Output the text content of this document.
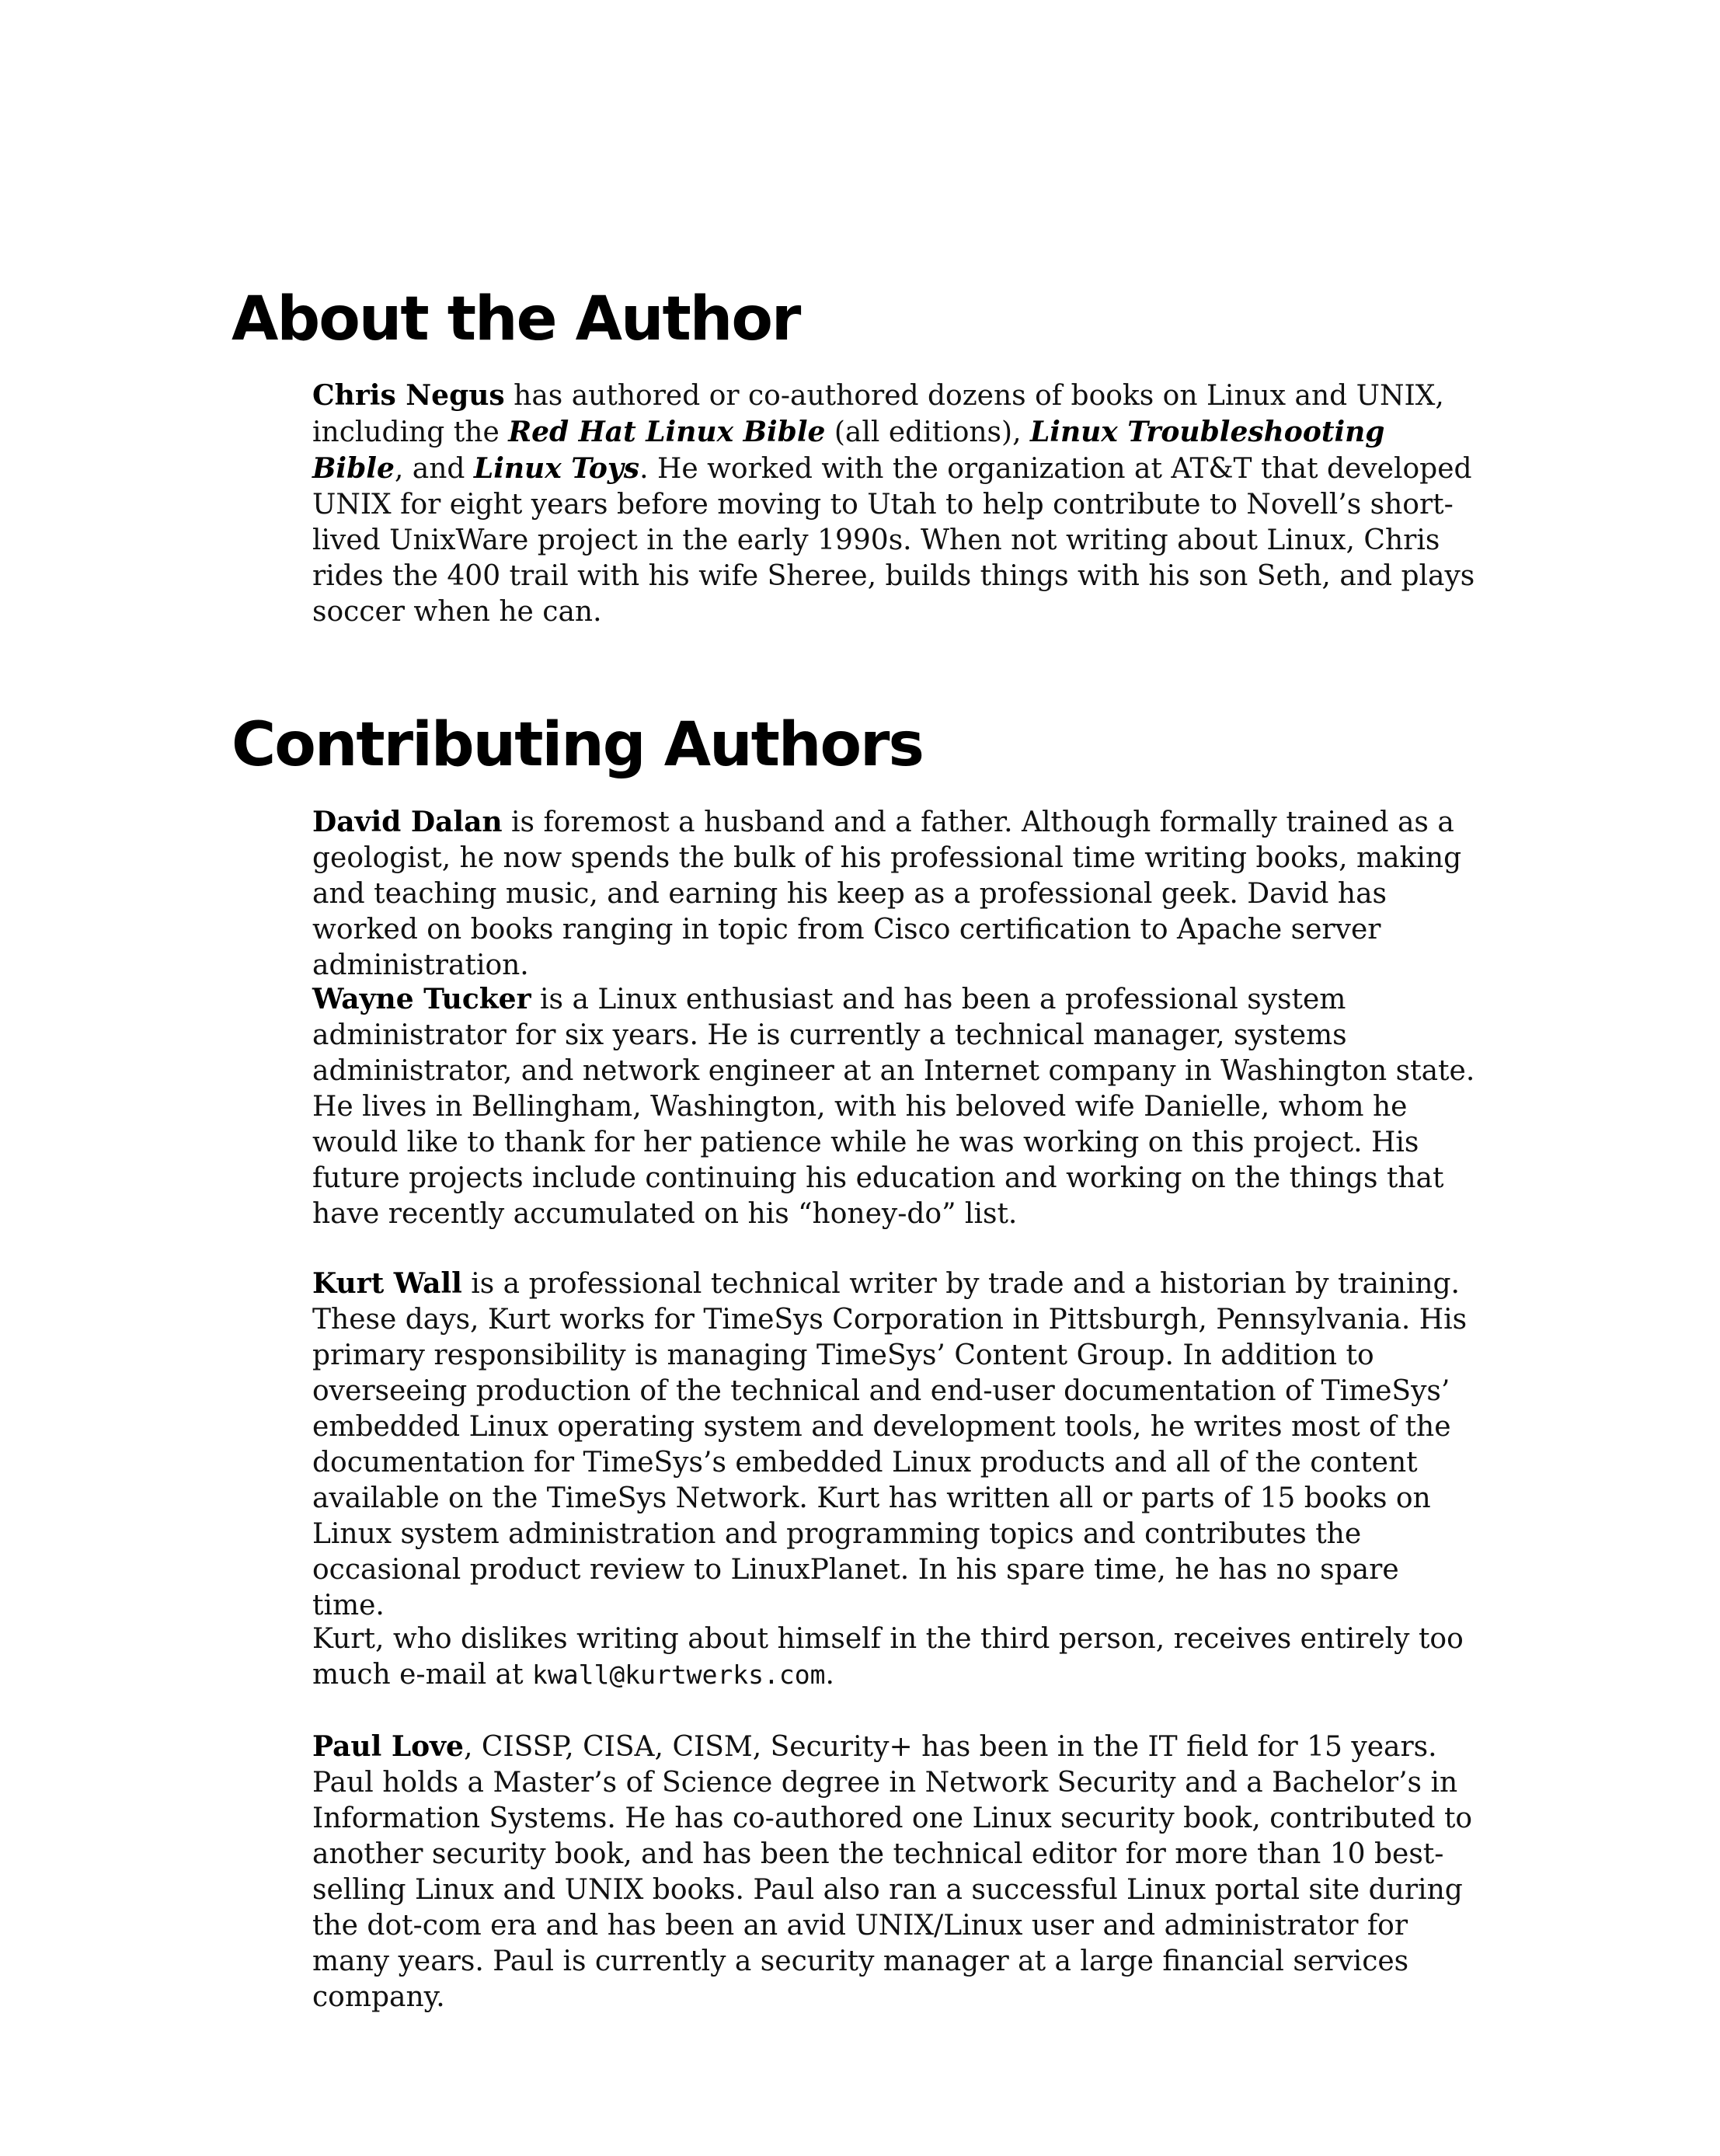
About the Author

Chris Negus has authored or co-authored dozens of books on Linux and UNIX, including the Red Hat Linux Bible (all editions), Linux Troubleshooting Bible, and Linux Toys. He worked with the organization at AT&T that developed UNIX for eight years before moving to Utah to help contribute to Novell’s short-lived UnixWare project in the early 1990s. When not writing about Linux, Chris rides the 400 trail with his wife Sheree, builds things with his son Seth, and plays soccer when he can.

Contributing Authors

David Dalan is foremost a husband and a father. Although formally trained as a geologist, he now spends the bulk of his professional time writing books, making and teaching music, and earning his keep as a professional geek. David has worked on books ranging in topic from Cisco certification to Apache server administration.

Wayne Tucker is a Linux enthusiast and has been a professional system administrator for six years. He is currently a technical manager, systems administrator, and network engineer at an Internet company in Washington state. He lives in Bellingham, Washington, with his beloved wife Danielle, whom he would like to thank for her patience while he was working on this project. His future projects include continuing his education and working on the things that have recently accumulated on his “honey-do” list.

Kurt Wall is a professional technical writer by trade and a historian by training. These days, Kurt works for TimeSys Corporation in Pittsburgh, Pennsylvania. His primary responsibility is managing TimeSys’ Content Group. In addition to overseeing production of the technical and end-user documentation of TimeSys’ embedded Linux operating system and development tools, he writes most of the documentation for TimeSys’s embedded Linux products and all of the content available on the TimeSys Network. Kurt has written all or parts of 15 books on Linux system administration and programming topics and contributes the occasional product review to LinuxPlanet. In his spare time, he has no spare time.

Kurt, who dislikes writing about himself in the third person, receives entirely too much e-mail at kwall@kurtwerks.com.

Paul Love, CISSP, CISA, CISM, Security+ has been in the IT field for 15 years. Paul holds a Master’s of Science degree in Network Security and a Bachelor’s in Information Systems. He has co-authored one Linux security book, contributed to another security book, and has been the technical editor for more than 10 best-selling Linux and UNIX books. Paul also ran a successful Linux portal site during the dot-com era and has been an avid UNIX/Linux user and administrator for many years. Paul is currently a security manager at a large financial services company.
